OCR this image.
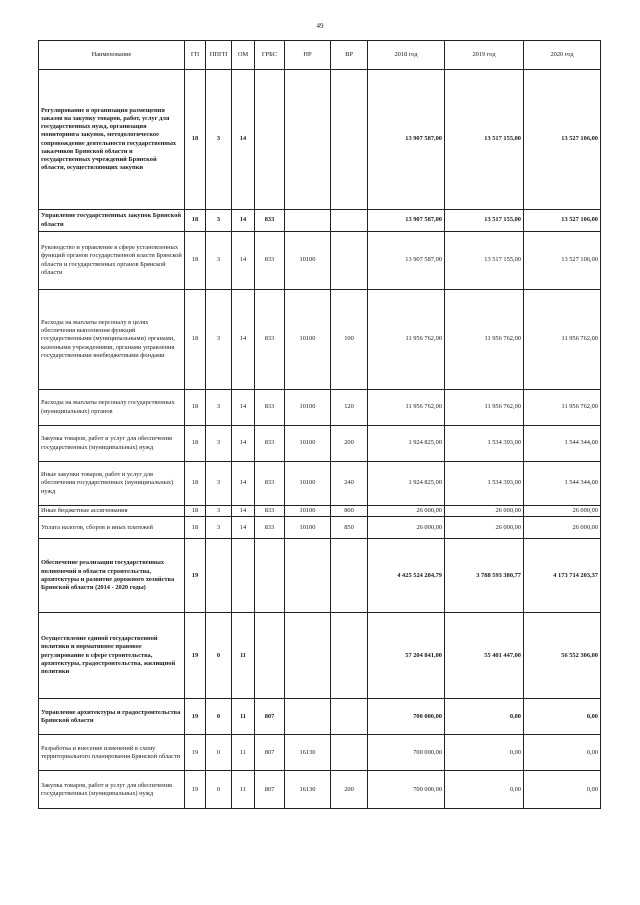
49
Наименование	ГП	ППГП	ОМ	ГРБС	НР	ВР	2018 год	2019 год	2020 год
Регулирование в организация размещения заказов на закупку товаров, работ, услуг для государственных нужд, организация мониторинга закупок, методологическое сопровождение деятельности государственных заказчиков Брянской области и государственных учреждений Брянской области, осуществляющих закупки	18	3	14				13 907 587,00	13 517 155,00	13 527 106,00
Управление государственных закупок Брянской области	18	3	14	833			13 907 587,00	13 517 155,00	13 527 106,00
Руководство и управление в сфере установленных функций органов государственной власти Брянской области и государственных органов Брянской области	18	3	14	833	10100		13 907 587,00	13 517 155,00	13 527 106,00
Расходы на выплаты персоналу в целях обеспечения выполнения функций государственными (муниципальными) органами, казенными учреждениями, органами управления государственными внебюджетными фондами	18	3	14	833	10100	100	11 956 762,00	11 956 762,00	11 956 762,00
Расходы на выплаты персоналу государственных (муниципальных) органов	18	3	14	833	10100	120	11 956 762,00	11 956 762,00	11 956 762,00
Закупка товаров, работ и услуг для обеспечения государственных (муниципальных) нужд	18	3	14	833	10100	200	1 924 825,00	1 534 393,00	1 544 344,00
Иные закупки товаров, работ и услуг для обеспечения государственных (муниципальных) нужд	18	3	14	833	10100	240	1 924 825,00	1 534 393,00	1 544 344,00
Иные бюджетные ассигнования	18	3	14	833	10100	800	26 000,00	26 000,00	26 000,00
Уплата налогов, сборов и иных платежей	18	3	14	833	10100	850	26 000,00	26 000,00	26 000,00
Обеспечение реализации государственных полномочий в области строительства, архитектуры и развитие дорожного хозяйства Брянской области (2014 - 2020 годы)	19						4 425 524 284,79	3 788 593 380,77	4 173 714 203,37
Осуществление единой государственной политики и нормативное правовое регулирование в сфере строительства, архитектуры, градостроительства, жилищной политики	19	0	11				57 204 841,00	55 401 447,00	56 552 306,00
Управление архитектуры и градостроительства Брянской области	19	0	11	807			700 000,00	0,00	0,00
Разработка и внесение изменений в схему территориального планирования Брянской области	19	0	11	807	16130		700 000,00	0,00	0,00
Закупка товаров, работ и услуг для обеспечения государственных (муниципальных) нужд	19	0	11	807	16130	200	700 000,00	0,00	0,00
